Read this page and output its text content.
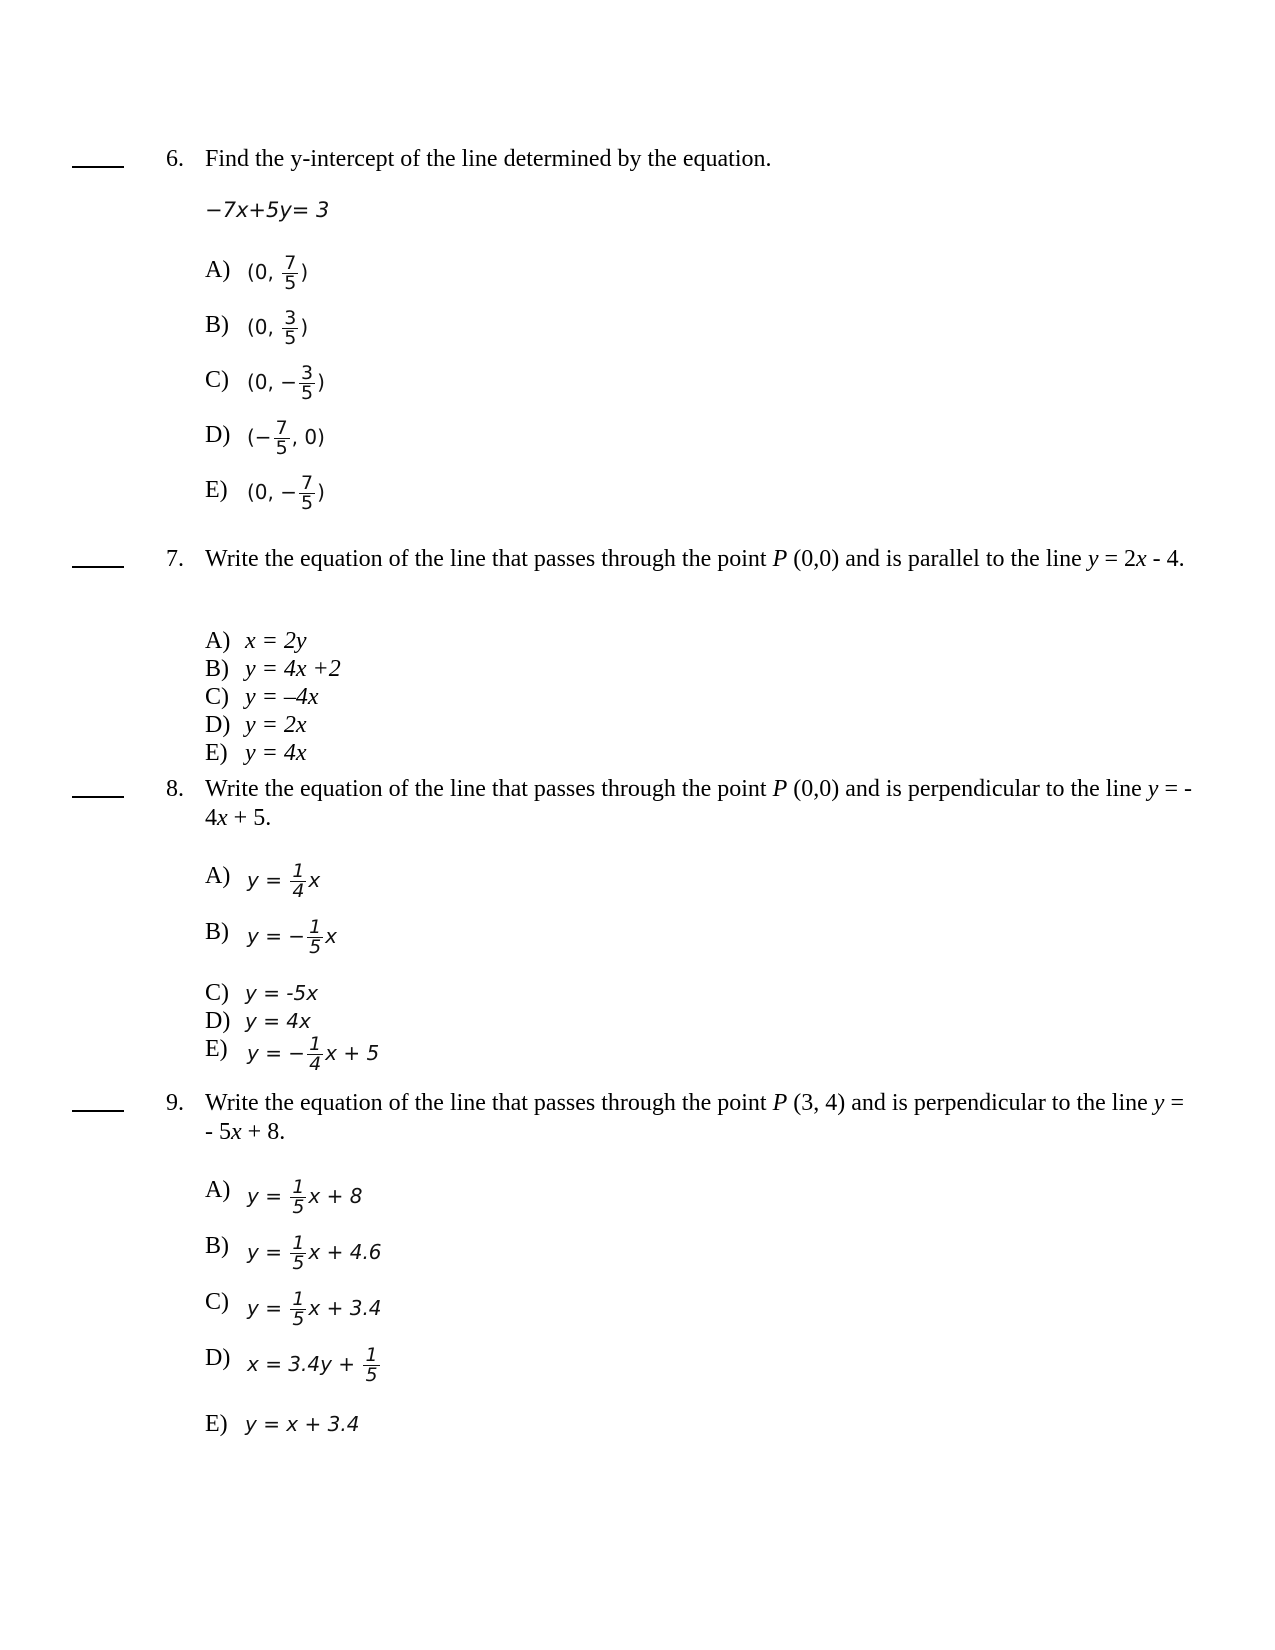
6. Find the y-intercept of the line determined by the equation.
−7x+5y= 3
A) (0, $\frac{7}{5}$ )
B) (0, $\frac{3}{5}$ )
C) (0, − $\frac{3}{5}$ )
D) (− $\frac{7}{5}$ , 0)
E) (0, − $\frac{7}{5}$ )
7. Write the equation of the line that passes through the point P (0,0) and is parallel to the line y = 2x - 4.
A) x = 2y
B) y = 4x +2
C) y = –4x
D) y = 2x
E) y = 4x
8. Write the equation of the line that passes through the point P (0,0) and is perpendicular to the line y = - 4x + 5.
A) $y = \frac{1}{4}$ x
B) y = − $\frac{1}{5}$ x
C) y = -5x
D) y = 4x
E) y = − $\frac{1}{4}$ x + 5
9. Write the equation of the line that passes through the point P (3, 4) and is perpendicular to the line y = - 5x + 8.
A) $y = \frac{1}{5}$ x + 8
B) $y = \frac{1}{5}$ x + 4.6
C) $y = \frac{1}{5}$ x + 3.4
D) $x = 3.4y + \frac{1}{5}$
E) y = x + 3.4
